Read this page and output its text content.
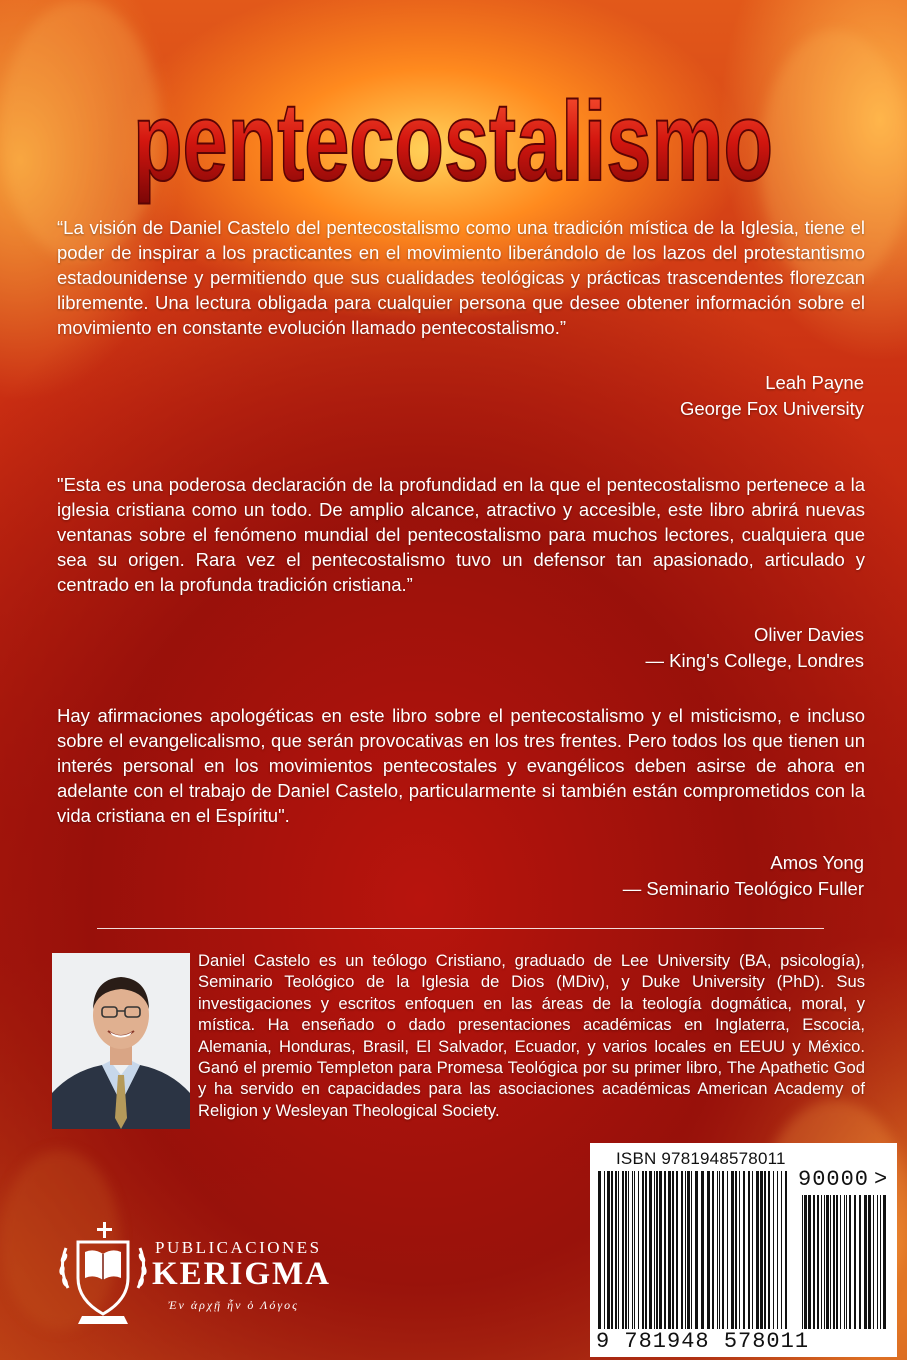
pentecostalismo

“La visión de Daniel Castelo del pentecostalismo como una tradición mística de la Iglesia, tiene el poder de inspirar a los practicantes en el movimiento liberándolo de los lazos del protestantismo estadounidense y permitiendo que sus cualidades teológicas y prácticas trascendentes florezcan libremente. Una lectura obligada para cualquier persona que desee obtener información sobre el movimiento en constante evolución llamado pentecostalismo.”

Leah Payne
George Fox University

"Esta es una poderosa declaración de la profundidad en la que el pentecostalismo pertenece a la iglesia cristiana como un todo. De amplio alcance, atractivo y accesible, este libro abrirá nuevas ventanas sobre el fenómeno mundial del pentecostalismo para muchos lectores, cualquiera que sea su origen. Rara vez el pentecostalismo tuvo un defensor tan apasionado, articulado y centrado en la profunda tradición cristiana.”

Oliver Davies
— King's College, Londres

Hay afirmaciones apologéticas en este libro sobre el pentecostalismo y el misticismo, e incluso sobre el evangelicalismo, que serán provocativas en los tres frentes. Pero todos los que tienen un interés personal en los movimientos pentecostales y evangélicos deben asirse de ahora en adelante con el trabajo de Daniel Castelo, particularmente si también están comprometidos con la vida cristiana en el Espíritu".

Amos Yong
— Seminario Teológico Fuller

Daniel Castelo es un teólogo Cristiano, graduado de Lee University (BA, psicología), Seminario Teológico de la Iglesia de Dios (MDiv), y Duke University (PhD). Sus investigaciones y escritos enfoquen en las áreas de la teología dogmática, moral, y mística. Ha enseñado o dado presentaciones académicas en Inglaterra, Escocia, Alemania, Honduras, Brasil, El Salvador, Ecuador, y varios locales en EEUU y México. Ganó el premio Templeton para Promesa Teológica por su primer libro, The Apathetic God y ha servido en capacidades para las asociaciones académicas American Academy of Religion y Wesleyan Theological Society.

PUBLICACIONES
KERIGMA
Ἐν ἀρχῇ ἦν ὁ Λόγος
ISBN 9781948578011
90000 >
9 781948 578011
